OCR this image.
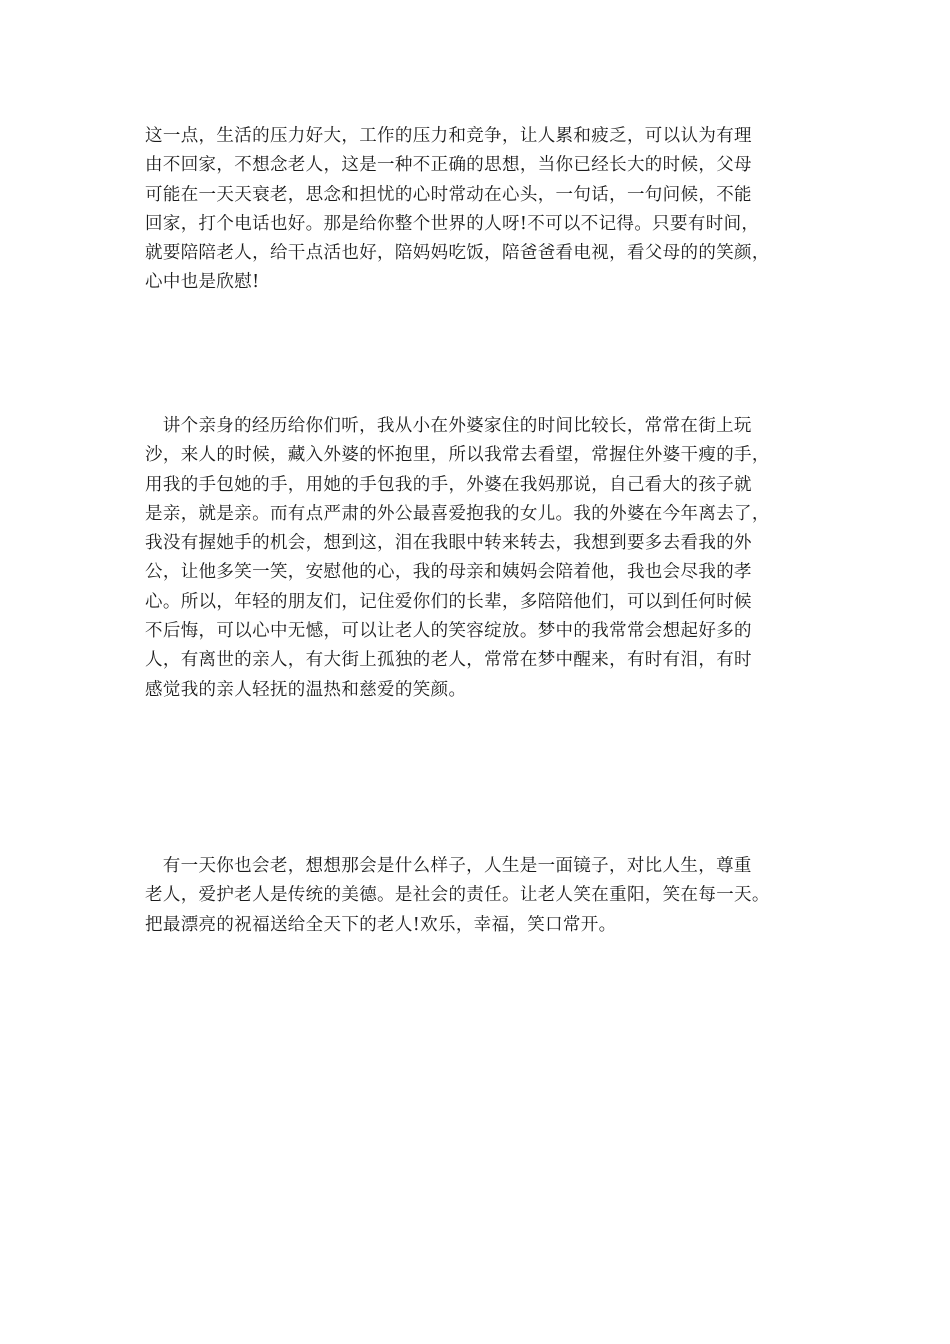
这一点，生活的压力好大，工作的压力和竞争，让人累和疲乏，可以认为有理
由不回家，不想念老人，这是一种不正确的思想，当你已经长大的时候，父母
可能在一天天衰老，思念和担忧的心时常动在心头，一句话，一句问候，不能
回家，打个电话也好。那是给你整个世界的人呀!不可以不记得。只要有时间，
就要陪陪老人，给干点活也好，陪妈妈吃饭，陪爸爸看电视，看父母的的笑颜，
心中也是欣慰!

讲个亲身的经历给你们听，我从小在外婆家住的时间比较长，常常在街上玩
沙，来人的时候，藏入外婆的怀抱里，所以我常去看望，常握住外婆干瘦的手，
用我的手包她的手，用她的手包我的手，外婆在我妈那说，自己看大的孩子就
是亲，就是亲。而有点严肃的外公最喜爱抱我的女儿。我的外婆在今年离去了，
我没有握她手的机会，想到这，泪在我眼中转来转去，我想到要多去看我的外
公，让他多笑一笑，安慰他的心，我的母亲和姨妈会陪着他，我也会尽我的孝
心。所以，年轻的朋友们，记住爱你们的长辈，多陪陪他们，可以到任何时候
不后悔，可以心中无憾，可以让老人的笑容绽放。梦中的我常常会想起好多的
人，有离世的亲人，有大街上孤独的老人，常常在梦中醒来，有时有泪，有时
感觉我的亲人轻抚的温热和慈爱的笑颜。

有一天你也会老，想想那会是什么样子，人生是一面镜子，对比人生，尊重
老人，爱护老人是传统的美德。是社会的责任。让老人笑在重阳，笑在每一天。
把最漂亮的祝福送给全天下的老人!欢乐，幸福，笑口常开。
